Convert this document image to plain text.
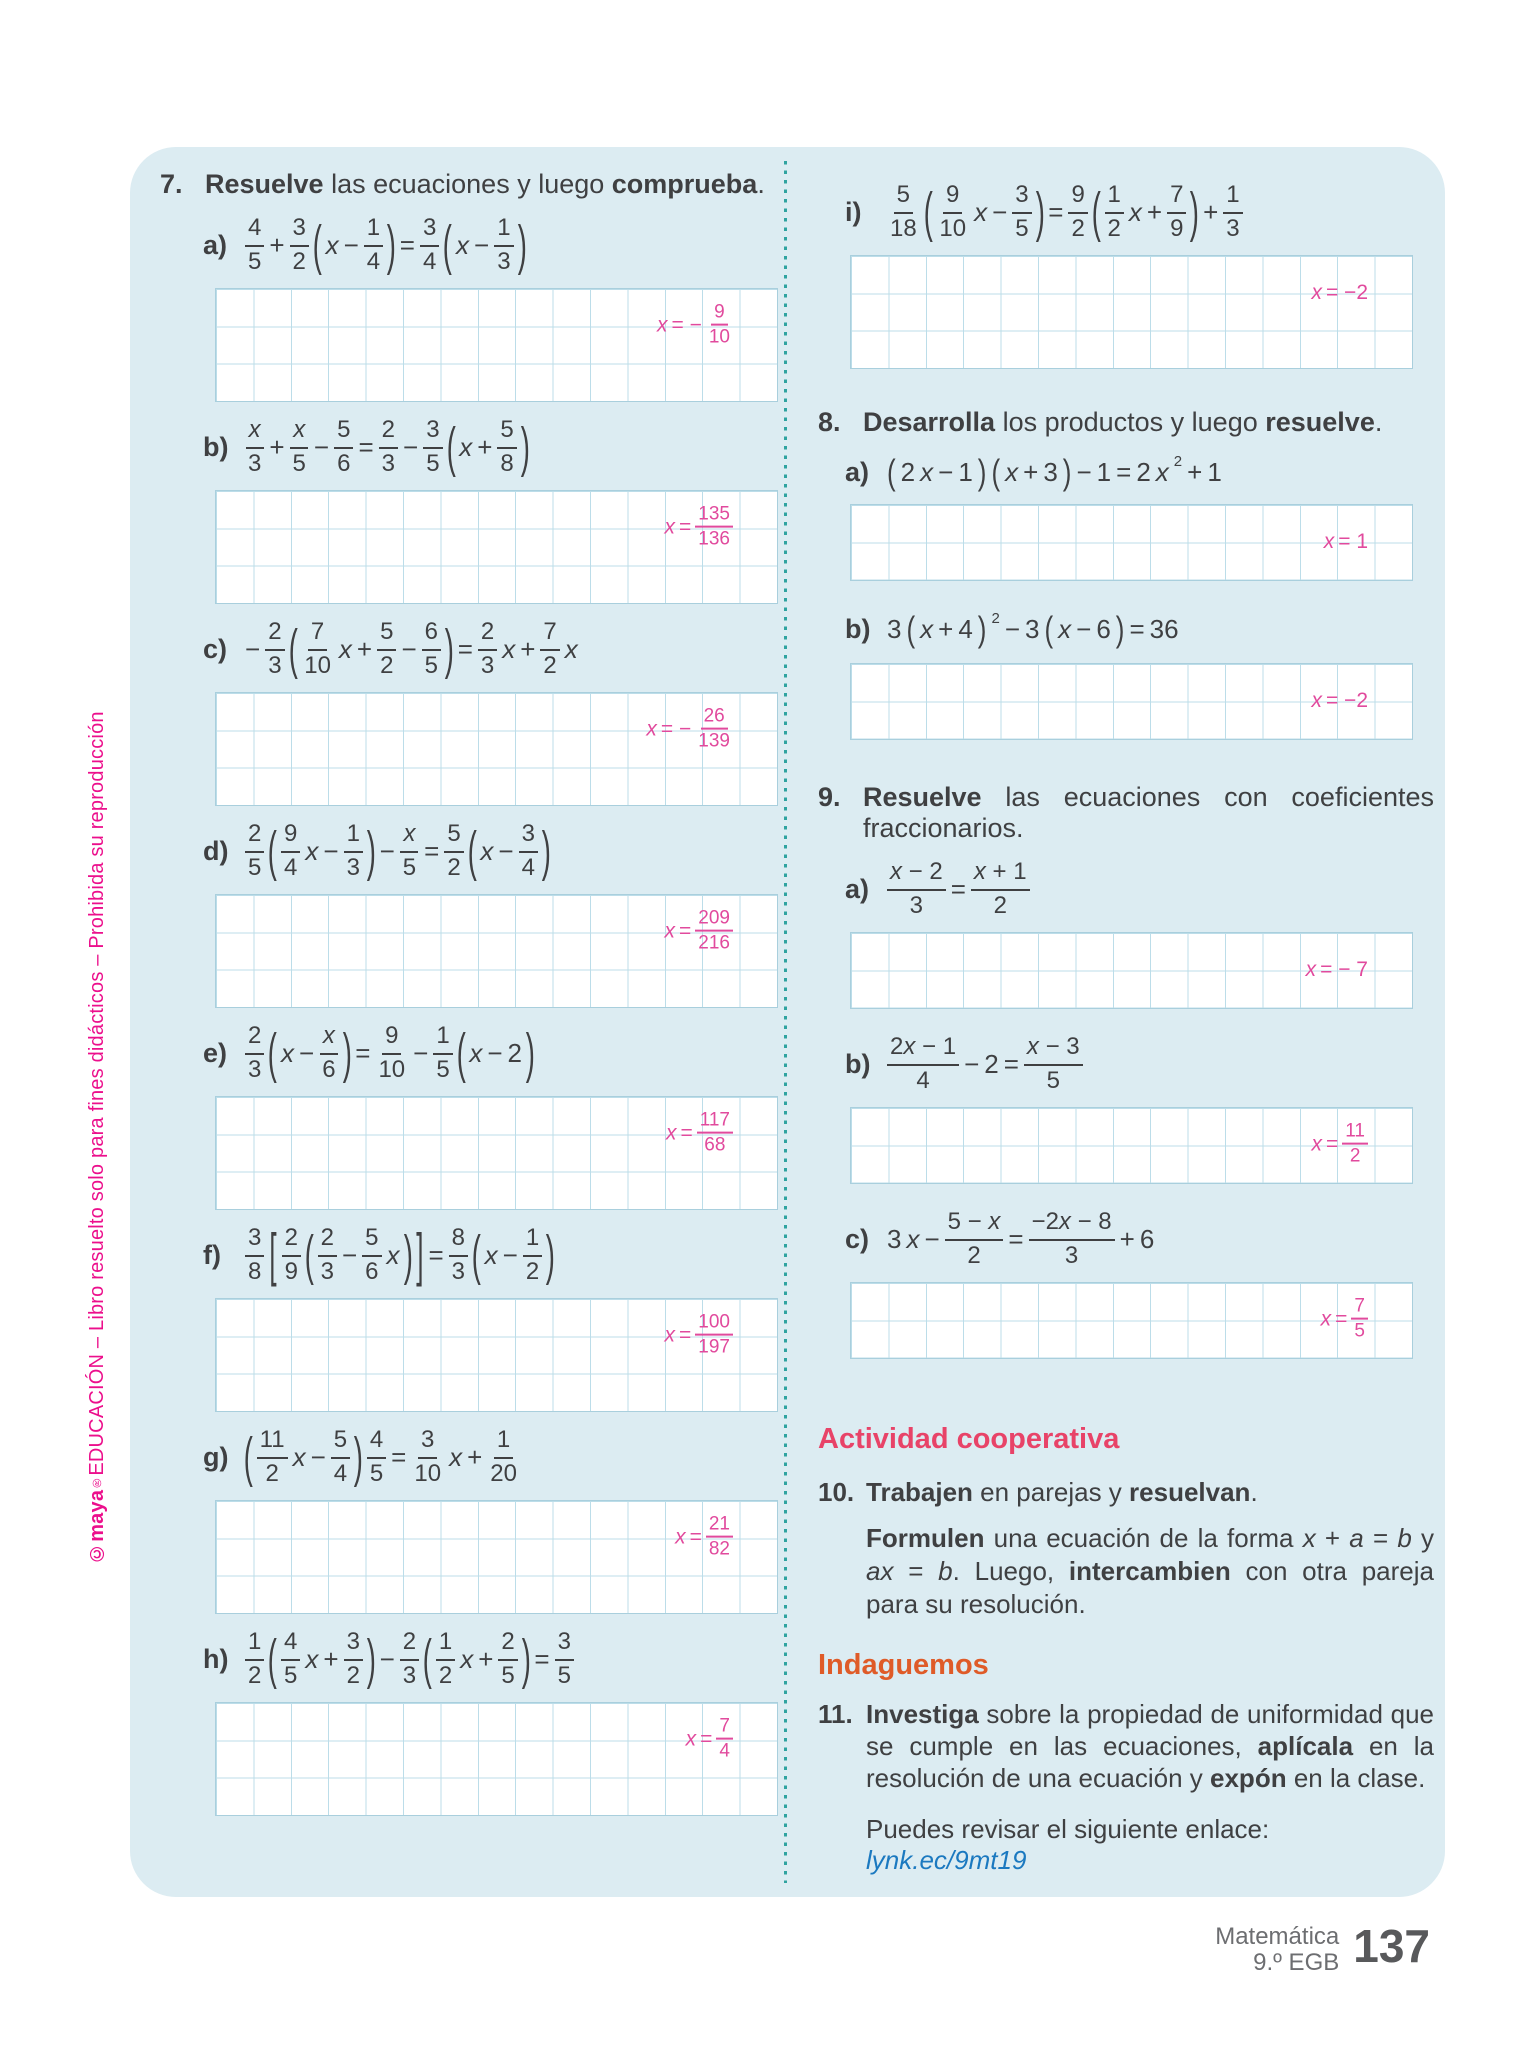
©maya®EDUCACIÓN – Libro resuelto solo para fines didácticos – Prohibida su reproducción
7. Resuelve las ecuaciones y luego comprueba.
$a) \frac{4}{5} + \frac{3}{2}$ ( $x - \frac{1}{4}$ ) = $\frac{3}{4}$ ( $x - \frac{1}{3}$ )
x = − $\frac{9}{10}$
$b) \frac{x}{3} + \frac{x}{5} - \frac{5}{6} = \frac{2}{3} - \frac{3}{5}$ ( $x + \frac{5}{8}$ )
$x = \frac{135}{136}$
$c) - \frac{2}{3}$ ( $\frac{7}{10}$ $x + \frac{5}{2} - \frac{6}{5}$ ) = $\frac{2}{3}$ $x + \frac{7}{2}$ x
x = − $\frac{26}{139}$
$d) \frac{2}{5}$ ( $\frac{9}{4}$ $x - \frac{1}{3}$ ) − $\frac{x}{5} = \frac{5}{2}$ ( $x - \frac{3}{4}$ )
$x = \frac{209}{216}$
$e) \frac{2}{3}$ ( $x - \frac{x}{6}$ ) = $\frac{9}{10} - \frac{1}{5}$ ( x − 2 )
$x = \frac{117}{68}$
f)	$\frac{3}{8}$ [ $\frac{2}{9}$ ( $\frac{2}{3} - \frac{5}{6}$ x ) ] = $\frac{8}{3}$ ( $x - \frac{1}{2}$ )
$x = \frac{100}{197}$
g) ( $\frac{11}{2}$ $x - \frac{5}{4}$ ) $\frac{4}{5} = \frac{3}{10}$ $x + \frac{1}{20}$
$x = \frac{21}{82}$
$h) \frac{1}{2}$ ( $\frac{4}{5}$ $x + \frac{3}{2}$ ) − $\frac{2}{3}$ ( $\frac{1}{2}$ $x + \frac{2}{5}$ ) = $\frac{3}{5}$
$x = \frac{7}{4}$
i)	$\frac{5}{18}$ ( $\frac{9}{10}$ $x - \frac{3}{5}$ ) = $\frac{9}{2}$ ( $\frac{1}{2}$ $x + \frac{7}{9}$ ) + $\frac{1}{3}$
x = −2
8. Desarrolla los productos y luego resuelve.
a) ( 2 x − 1 ) ( x + 3 ) − 1 = 2 x 2 + 1
x = 1
b) 3 ( x + 4 ) 2 − 3 ( x − 6 ) = 36
x = −2
9. Resuelve las ecuaciones con coeficientes fraccionarios.
$a) \frac{x - 2}{3} = \frac{x + 1}{2}$
x = − 7
$b) \frac{2x - 1}{4} - 2 = \frac{x - 3}{5}$
$x = \frac{11}{2}$
c) 3 $x - \frac{5 - x}{2} = \frac{-2x - 8}{3} + 6$
$x = \frac{7}{5}$
Actividad cooperativa
10. Trabajen en parejas y resuelvan.
Formulen una ecuación de la forma x + a = b y ax = b. Luego, intercambien con otra pareja para su resolución.
Indaguemos
11. Investiga sobre la propiedad de uniformidad que se cumple en las ecuaciones, aplícala en la resolución de una ecuación y expón en la clase.
Puedes revisar el siguiente enlace: lynk.ec/9mt19
Matemática
9.º EGB 137
